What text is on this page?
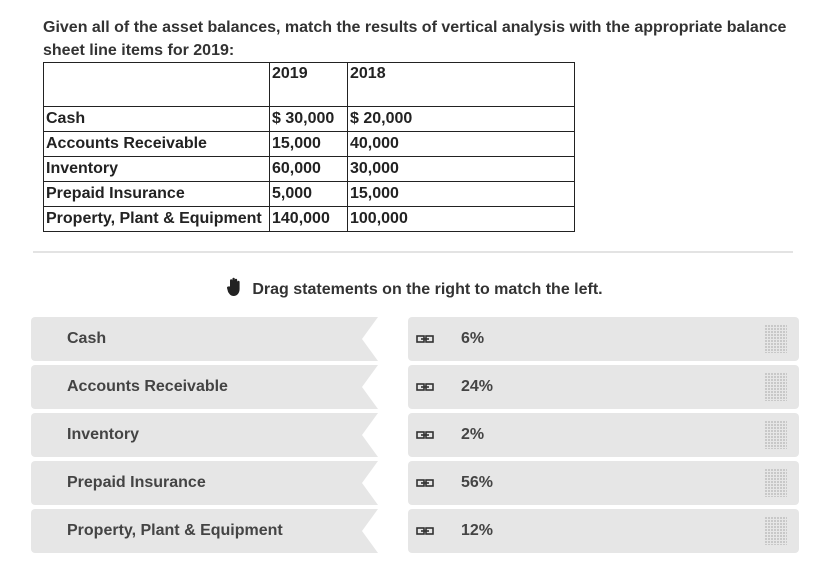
Given all of the asset balances, match the results of vertical analysis with the appropriate balance sheet line items for 2019:
	2019	2018
Cash	$ 30,000	$ 20,000
Accounts Receivable	15,000	40,000
Inventory	60,000	30,000
Prepaid Insurance	5,000	15,000
Property, Plant & Equipment	140,000	100,000
Drag statements on the right to match the left.
Cash	6%
Accounts Receivable	24%
Inventory	2%
Prepaid Insurance	56%
Property, Plant & Equipment	12%
